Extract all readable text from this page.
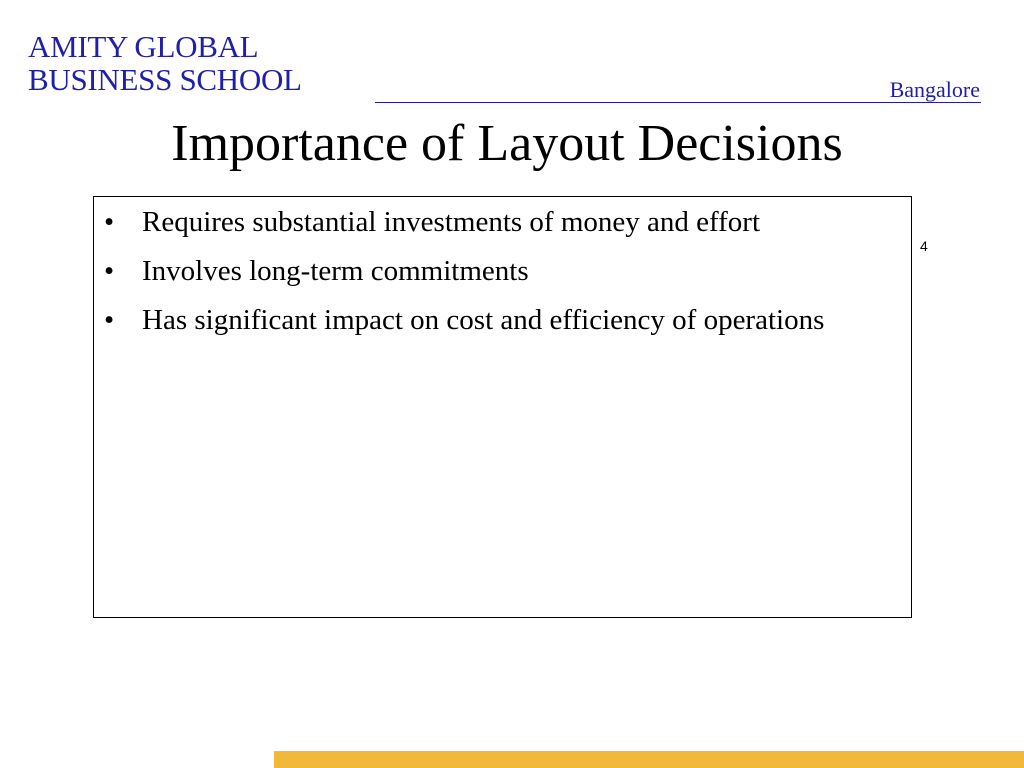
AMITY GLOBAL
BUSINESS SCHOOL	Bangalore
Importance of Layout Decisions
• Requires substantial investments of money and effort
• Involves long-term commitments
• Has significant impact on cost and efficiency of operations
4
